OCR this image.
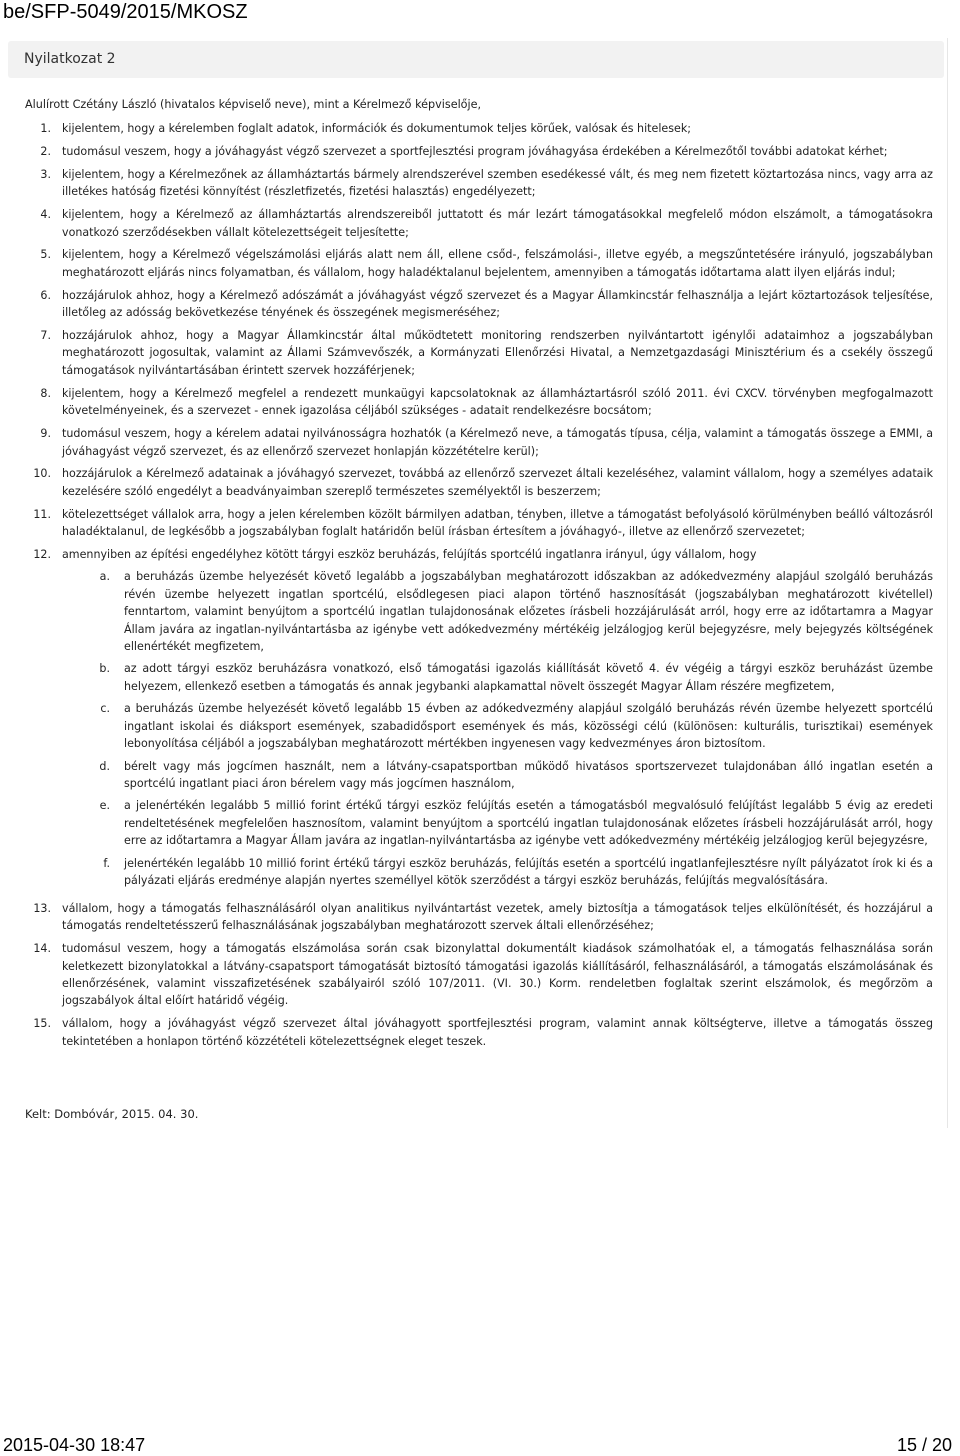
be/SFP-5049/2015/MKOSZ
Nyilatkozat 2
Alulírott Czétány László (hivatalos képviselő neve), mint a Kérelmező képviselője,
1. kijelentem, hogy a kérelemben foglalt adatok, információk és dokumentumok teljes körűek, valósak és hitelesek;
2. tudomásul veszem, hogy a jóváhagyást végző szervezet a sportfejlesztési program jóváhagyása érdekében a Kérelmezőtől további adatokat kérhet;
3. kijelentem, hogy a Kérelmezőnek az államháztartás bármely alrendszerével szemben esedékessé vált, és meg nem fizetett köztartozása nincs, vagy arra az illetékes hatóság fizetési könnyítést (részletfizetés, fizetési halasztás) engedélyezett;
4. kijelentem, hogy a Kérelmező az államháztartás alrendszereiből juttatott és már lezárt támogatásokkal megfelelő módon elszámolt, a támogatásokra vonatkozó szerződésekben vállalt kötelezettségeit teljesítette;
5. kijelentem, hogy a Kérelmező végelszámolási eljárás alatt nem áll, ellene csőd-, felszámolási-, illetve egyéb, a megszűntetésére irányuló, jogszabályban meghatározott eljárás nincs folyamatban, és vállalom, hogy haladéktalanul bejelentem, amennyiben a támogatás időtartama alatt ilyen eljárás indul;
6. hozzájárulok ahhoz, hogy a Kérelmező adószámát a jóváhagyást végző szervezet és a Magyar Államkincstár felhasználja a lejárt köztartozások teljesítése, illetőleg az adósság bekövetkezése tényének és összegének megismeréséhez;
7. hozzájárulok ahhoz, hogy a Magyar Államkincstár által működtetett monitoring rendszerben nyilvántartott igénylői adataimhoz a jogszabályban meghatározott jogosultak, valamint az Állami Számvevőszék, a Kormányzati Ellenőrzési Hivatal, a Nemzetgazdasági Minisztérium és a csekély összegű támogatások nyilvántartásában érintett szervek hozzáférjenek;
8. kijelentem, hogy a Kérelmező megfelel a rendezett munkaügyi kapcsolatoknak az államháztartásról szóló 2011. évi CXCV. törvényben megfogalmazott követelményeinek, és a szervezet - ennek igazolása céljából szükséges - adatait rendelkezésre bocsátom;
9. tudomásul veszem, hogy a kérelem adatai nyilvánosságra hozhatók (a Kérelmező neve, a támogatás típusa, célja, valamint a támogatás összege a EMMI, a jóváhagyást végző szervezet, és az ellenőrző szervezet honlapján közzétételre kerül);
10. hozzájárulok a Kérelmező adatainak a jóváhagyó szervezet, továbbá az ellenőrző szervezet általi kezeléséhez, valamint vállalom, hogy a személyes adataik kezelésére szóló engedélyt a beadványaimban szereplő természetes személyektől is beszerzem;
11. kötelezettséget vállalok arra, hogy a jelen kérelemben közölt bármilyen adatban, tényben, illetve a támogatást befolyásoló körülményben beálló változásról haladéktalanul, de legkésőbb a jogszabályban foglalt határidőn belül írásban értesítem a jóváhagyó-, illetve az ellenőrző szervezetet;
12. amennyiben az építési engedélyhez kötött tárgyi eszköz beruházás, felújítás sportcélú ingatlanra irányul, úgy vállalom, hogy
a.	a beruházás üzembe helyezését követő legalább a jogszabályban meghatározott időszakban az adókedvezmény alapjául szolgáló beruházás révén üzembe helyezett ingatlan sportcélú, elsődlegesen piaci alapon történő hasznosítását (jogszabályban meghatározott kivétellel) fenntartom, valamint benyújtom a sportcélú ingatlan tulajdonosának előzetes írásbeli hozzájárulását arról, hogy erre az időtartamra a Magyar Állam javára az ingatlan-nyilvántartásba az igénybe vett adókedvezmény mértékéig jelzálogjog kerül bejegyzésre, mely bejegyzés költségének ellenértékét megfizetem,
b.	az adott tárgyi eszköz beruházásra vonatkozó, első támogatási igazolás kiállítását követő 4. év végéig a tárgyi eszköz beruházást üzembe helyezem, ellenkező esetben a támogatás és annak jegybanki alapkamattal növelt összegét Magyar Állam részére megfizetem,
c.	a beruházás üzembe helyezését követő legalább 15 évben az adókedvezmény alapjául szolgáló beruházás révén üzembe helyezett sportcélú ingatlant iskolai és diáksport események, szabadidősport események és más, közösségi célú (különösen: kulturális, turisztikai) események lebonyolítása céljából a jogszabályban meghatározott mértékben ingyenesen vagy kedvezményes áron biztosítom.
d.	bérelt vagy más jogcímen használt, nem a látvány-csapatsportban működő hivatásos sportszervezet tulajdonában álló ingatlan esetén a sportcélú ingatlant piaci áron bérelem vagy más jogcímen használom,
e.	a jelenértékén legalább 5 millió forint értékű tárgyi eszköz felújítás esetén a támogatásból megvalósuló felújítást legalább 5 évig az eredeti rendeltetésének megfelelően hasznosítom, valamint benyújtom a sportcélú ingatlan tulajdonosának előzetes írásbeli hozzájárulását arról, hogy erre az időtartamra a Magyar Állam javára az ingatlan-nyilvántartásba az igénybe vett adókedvezmény mértékéig jelzálogjog kerül bejegyzésre,
f.	jelenértékén legalább 10 millió forint értékű tárgyi eszköz beruházás, felújítás esetén a sportcélú ingatlanfejlesztésre nyílt pályázatot írok ki és a pályázati eljárás eredménye alapján nyertes személlyel kötök szerződést a tárgyi eszköz beruházás, felújítás megvalósítására.
13. vállalom, hogy a támogatás felhasználásáról olyan analitikus nyilvántartást vezetek, amely biztosítja a támogatások teljes elkülönítését, és hozzájárul a támogatás rendeltetésszerű felhasználásának jogszabályban meghatározott szervek általi ellenőrzéséhez;
14. tudomásul veszem, hogy a támogatás elszámolása során csak bizonylattal dokumentált kiadások számolhatóak el, a támogatás felhasználása során keletkezett bizonylatokkal a látvány-csapatsport támogatását biztosító támogatási igazolás kiállításáról, felhasználásáról, a támogatás elszámolásának és ellenőrzésének, valamint visszafizetésének szabályairól szóló 107/2011. (VI. 30.) Korm. rendeletben foglaltak szerint elszámolok, és megőrzöm a jogszabályok által előírt határidő végéig.
15. vállalom, hogy a jóváhagyást végző szervezet által jóváhagyott sportfejlesztési program, valamint annak költségterve, illetve a támogatás összeg tekintetében a honlapon történő közzétételi kötelezettségnek eleget teszek.
Kelt: Dombóvár, 2015. 04. 30.
2015-04-30 18:47	15 / 20
